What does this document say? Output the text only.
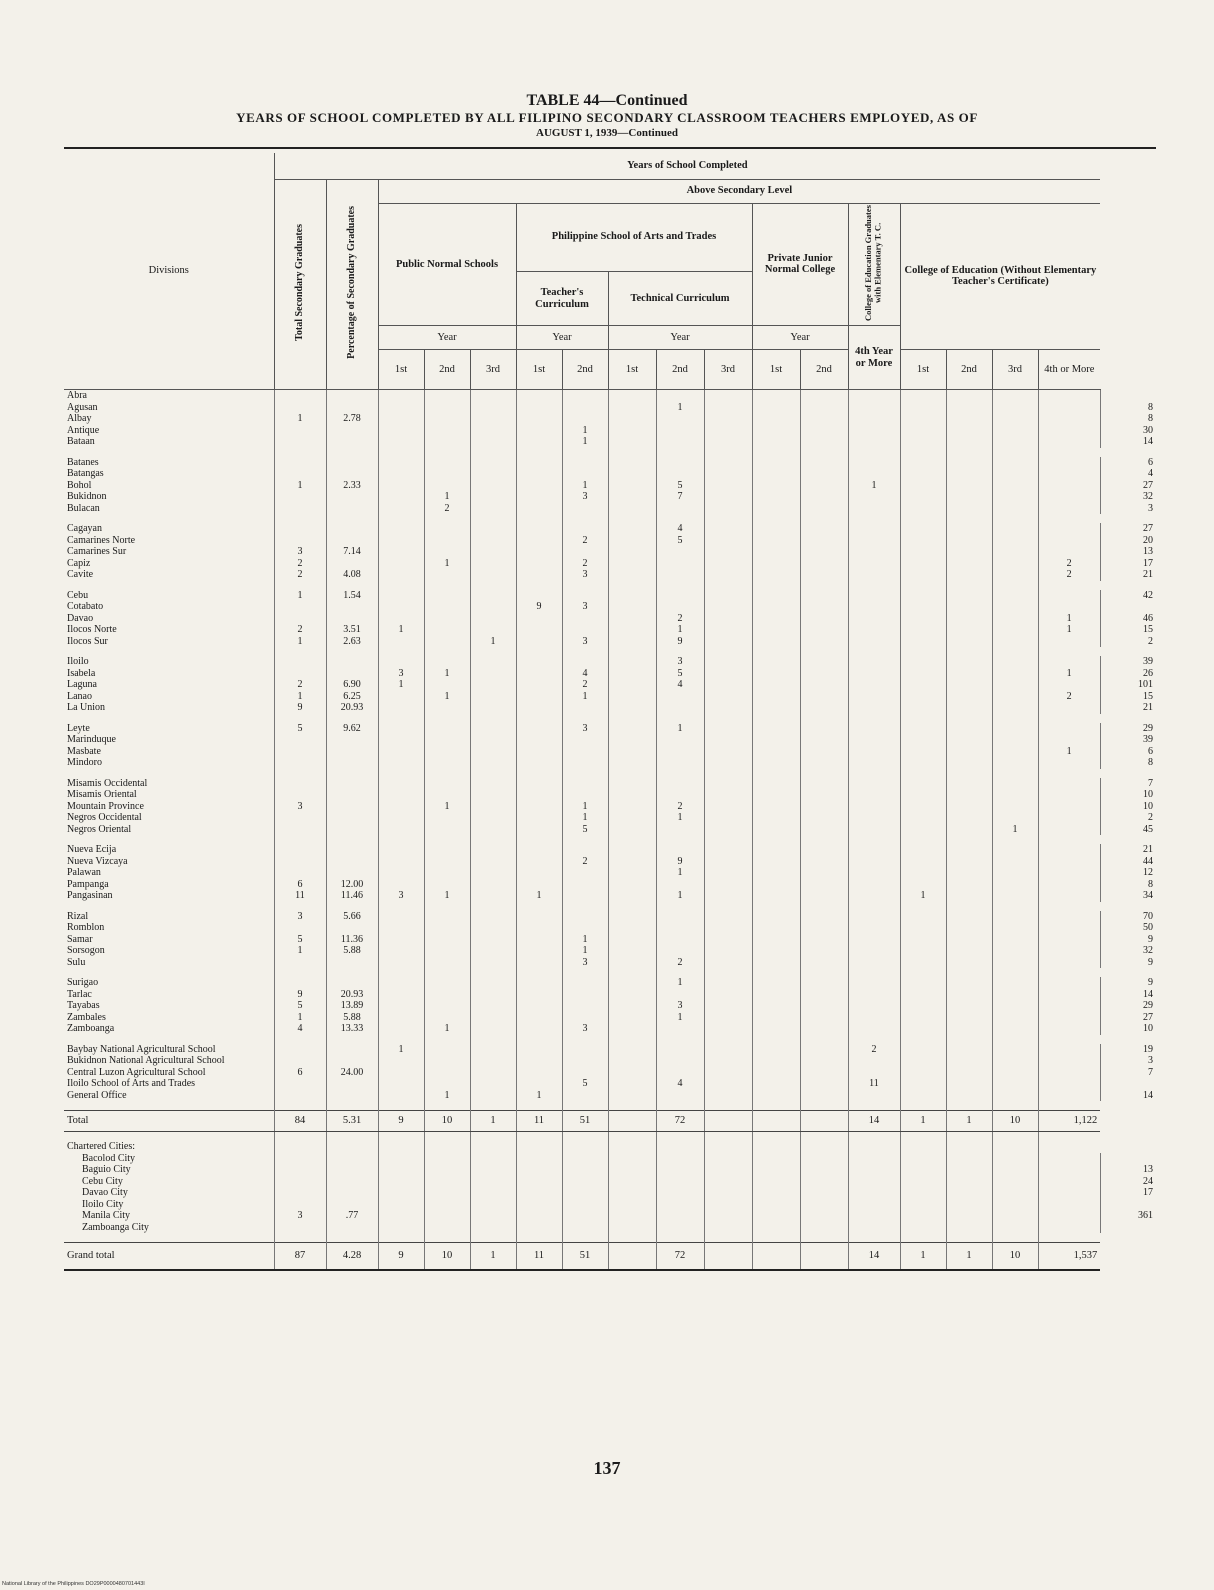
TABLE 44—Continued
YEARS OF SCHOOL COMPLETED BY ALL FILIPINO SECONDARY CLASSROOM TEACHERS EMPLOYED, AS OF
AUGUST 1, 1939—Continued
Divisions	Years of School Completed																	
	Total Secondary Graduates	Percentage of Secondary Graduates	Above Secondary Level															
			Public Normal Schools			Philippine School of Arts and Trades					Private Junior Normal College		College of Education Graduates with Elementary T. C.	College of Education (Without Elementary Teacher's Certificate)				
						Teacher's Curriculum		Technical Curriculum										
			Year			Year		Year			Year		4th Year or More					
			1st	2nd	3rd	1st	2nd	1st	2nd	3rd	1st	2nd		1st	2nd	3rd	4th or More	
Abra																		
Agusan									1									8
Albay	1	2.78																8
Antique							1											30
Bataan							1											14

Batanes																		6
Batangas																		4
Bohol	1	2.33					1		5				1					27
Bukidnon				1			3		7									32
Bulacan				2														3

Cagayan									4									27
Camarines Norte							2		5									20
Camarines Sur	3	7.14																13
Capiz	2			1			2										2	17
Cavite	2	4.08					3										2	21

Cebu	1	1.54																42
Cotabato						9	3											
Davao									2								1	46
Ilocos Norte	2	3.51	1						1								1	15
Ilocos Sur	1	2.63			1		3		9									2

Iloilo									3									39
Isabela			3	1			4		5								1	26
Laguna	2	6.90	1				2		4									101
Lanao	1	6.25		1			1										2	15
La Union	9	20.93																21

Leyte	5	9.62					3		1									29
Marinduque																		39
Masbate																	1	6
Mindoro																		8

Misamis Occidental																		7
Misamis Oriental																		10
Mountain Province	3			1			1		2									10
Negros Occidental							1		1									2
Negros Oriental							5									1		45

Nueva Ecija																		21
Nueva Vizcaya							2		9									44
Palawan									1									12
Pampanga	6	12.00																8
Pangasinan	11	11.46	3	1		1			1					1				34

Rizal	3	5.66																70
Romblon																		50
Samar	5	11.36					1											9
Sorsogon	1	5.88					1											32
Sulu							3		2									9

Surigao									1									9
Tarlac	9	20.93																14
Tayabas	5	13.89							3									29
Zambales	1	5.88							1									27
Zamboanga	4	13.33		1			3											10

Baybay National Agricultural School			1										2					19
Bukidnon National Agricultural School																		3
Central Luzon Agricultural School	6	24.00																7
Iloilo School of Arts and Trades							5		4				11					
General Office				1		1												14

Total	84	5.31	9	10	1	11	51		72				14	1	1	10	1,122	

Chartered Cities:																		
Bacolod City																		
Baguio City																		13
Cebu City																		24
Davao City																		17
Iloilo City																		
Manila City	3	.77																361
Zamboanga City																		

Grand total	87	4.28	9	10	1	11	51		72				14	1	1	10	1,537	
137
National Library of the Philippines DO29P0000480701443I
